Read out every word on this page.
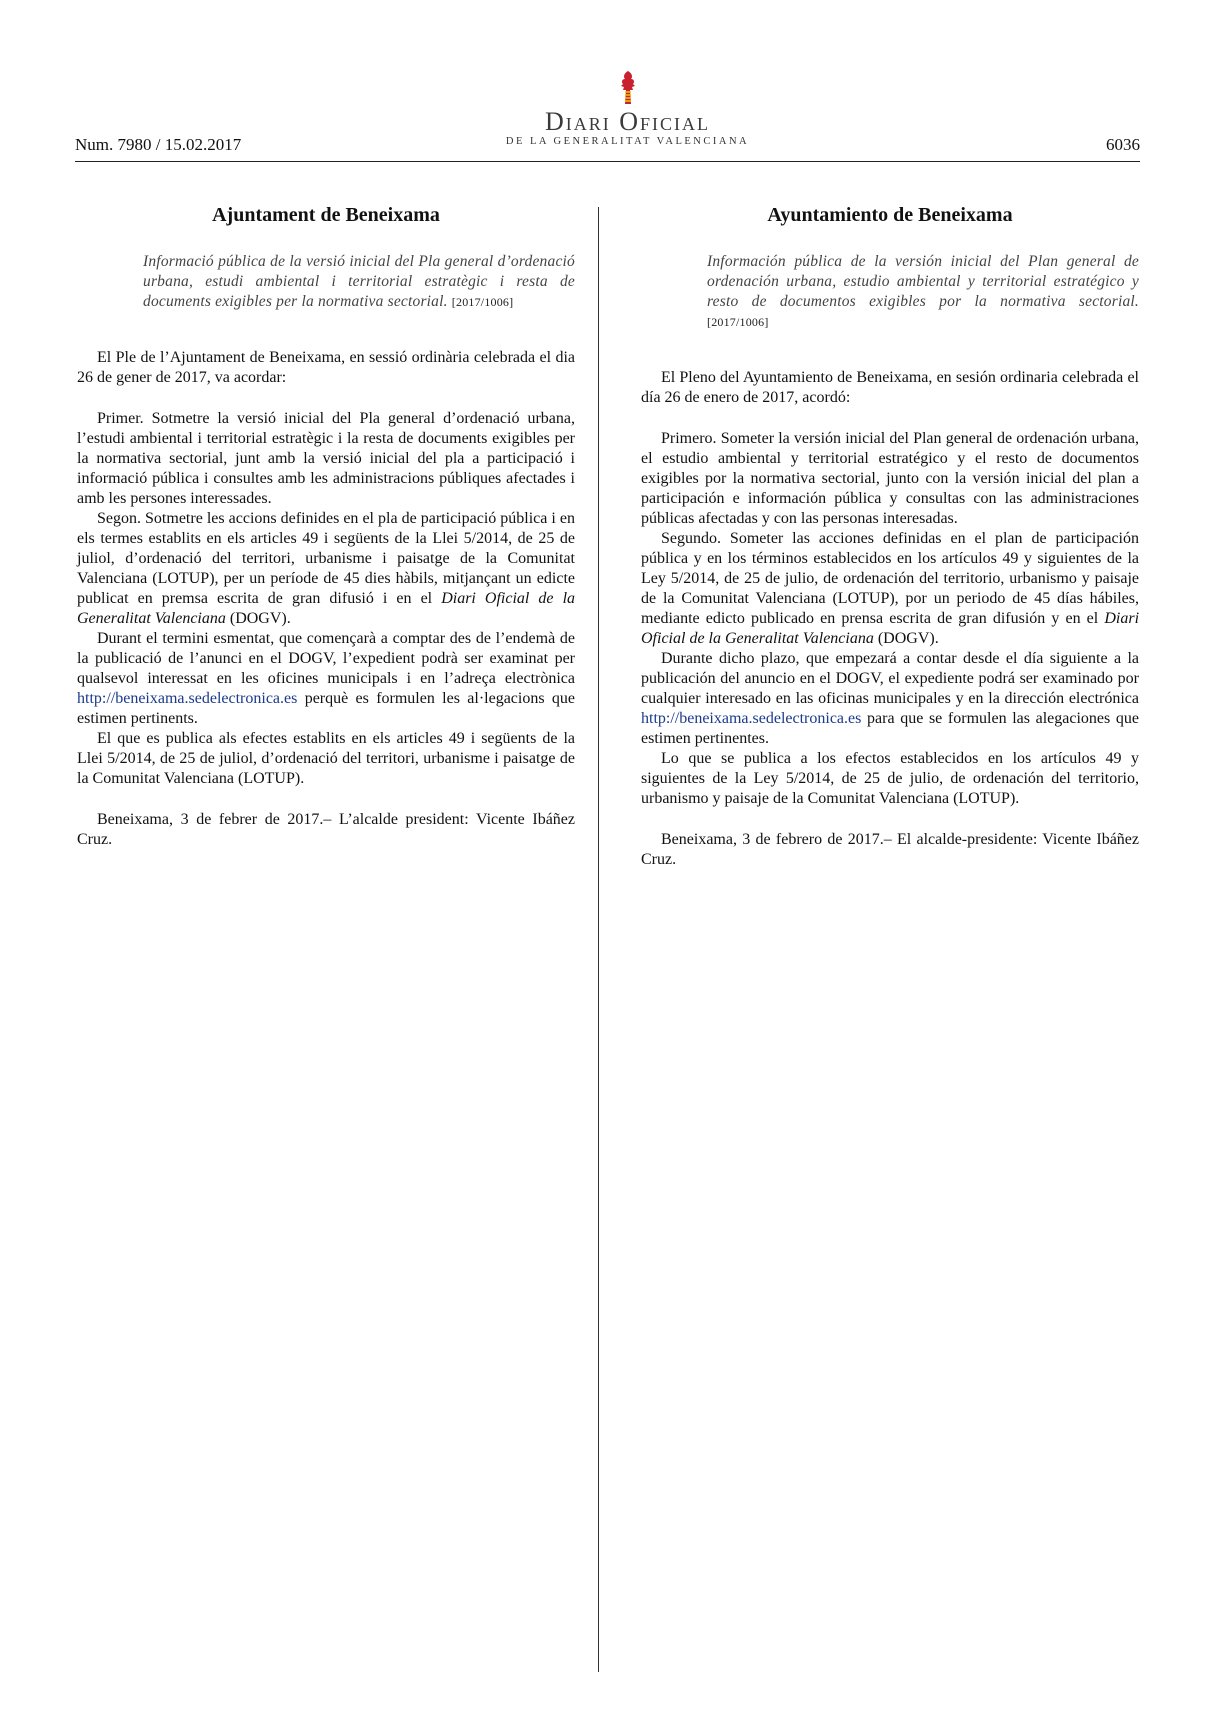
Num. 7980 / 15.02.2017
Diari Oficial
DE LA GENERALITAT VALENCIANA	6036
Ajuntament de Beneixama
Informació pública de la versió inicial del Pla general d’ordenació urbana, estudi ambiental i territorial estratègic i resta de documents exigibles per la normativa sectorial. [2017/1006]

El Ple de l’Ajuntament de Beneixama, en sessió ordinària celebrada el dia 26 de gener de 2017, va acordar:

Primer. Sotmetre la versió inicial del Pla general d’ordenació urbana, l’estudi ambiental i territorial estratègic i la resta de documents exigibles per la normativa sectorial, junt amb la versió inicial del pla a participació i informació pública i consultes amb les administracions públiques afectades i amb les persones interessades.

Segon. Sotmetre les accions definides en el pla de participació pública i en els termes establits en els articles 49 i següents de la Llei 5/2014, de 25 de juliol, d’ordenació del territori, urbanisme i paisatge de la Comunitat Valenciana (LOTUP), per un període de 45 dies hàbils, mitjançant un edicte publicat en premsa escrita de gran difusió i en el Diari Oficial de la Generalitat Valenciana (DOGV).

Durant el termini esmentat, que començarà a comptar des de l’endemà de la publicació de l’anunci en el DOGV, l’expedient podrà ser examinat per qualsevol interessat en les oficines municipals i en l’adreça electrònica http://beneixama.sedelectronica.es perquè es formulen les al·legacions que estimen pertinents.

El que es publica als efectes establits en els articles 49 i següents de la Llei 5/2014, de 25 de juliol, d’ordenació del territori, urbanisme i paisatge de la Comunitat Valenciana (LOTUP).

Beneixama, 3 de febrer de 2017.– L’alcalde president: Vicente Ibáñez Cruz.

Ayuntamiento de Beneixama
Información pública de la versión inicial del Plan general de ordenación urbana, estudio ambiental y territorial estratégico y resto de documentos exigibles por la normativa sectorial. [2017/1006]

El Pleno del Ayuntamiento de Beneixama, en sesión ordinaria celebrada el día 26 de enero de 2017, acordó:

Primero. Someter la versión inicial del Plan general de ordenación urbana, el estudio ambiental y territorial estratégico y el resto de documentos exigibles por la normativa sectorial, junto con la versión inicial del plan a participación e información pública y consultas con las administraciones públicas afectadas y con las personas interesadas.

Segundo. Someter las acciones definidas en el plan de participación pública y en los términos establecidos en los artículos 49 y siguientes de la Ley 5/2014, de 25 de julio, de ordenación del territorio, urbanismo y paisaje de la Comunitat Valenciana (LOTUP), por un periodo de 45 días hábiles, mediante edicto publicado en prensa escrita de gran difusión y en el Diari Oficial de la Generalitat Valenciana (DOGV).

Durante dicho plazo, que empezará a contar desde el día siguiente a la publicación del anuncio en el DOGV, el expediente podrá ser examinado por cualquier interesado en las oficinas municipales y en la dirección electrónica http://beneixama.sedelectronica.es para que se formulen las alegaciones que estimen pertinentes.

Lo que se publica a los efectos establecidos en los artículos 49 y siguientes de la Ley 5/2014, de 25 de julio, de ordenación del territorio, urbanismo y paisaje de la Comunitat Valenciana (LOTUP).

Beneixama, 3 de febrero de 2017.– El alcalde-presidente: Vicente Ibáñez Cruz.
